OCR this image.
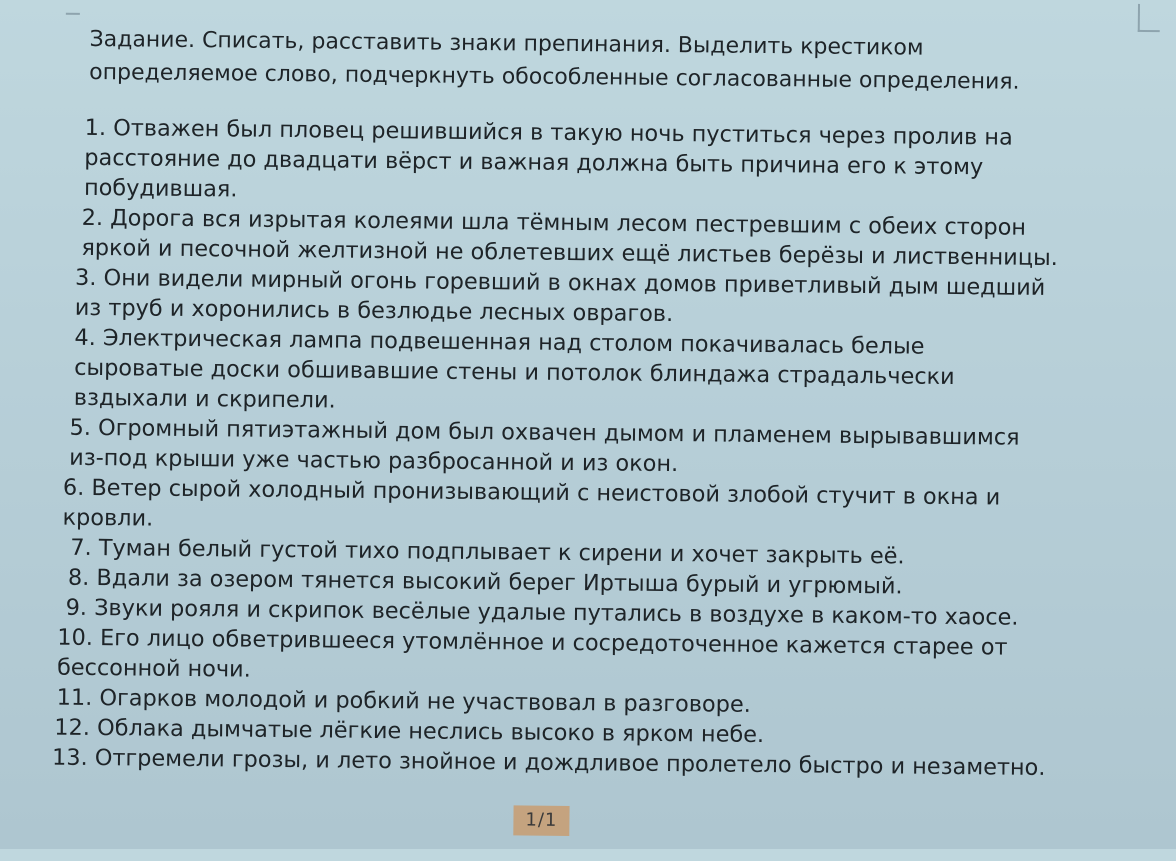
Задание. Списать, расставить знаки препинания. Выделить крестиком
определяемое слово, подчеркнуть обособленные согласованные определения.
1. Отважен был пловец решившийся в такую ночь пуститься через пролив на
расстояние до двадцати вёрст и важная должна быть причина его к этому
побудившая.
2. Дорога вся изрытая колеями шла тёмным лесом пестревшим с обеих сторон
яркой и песочной желтизной не облетевших ещё листьев берёзы и лиственницы.
3. Они видели мирный огонь горевший в окнах домов приветливый дым шедший
из труб и хоронились в безлюдье лесных оврагов.
4. Электрическая лампа подвешенная над столом покачивалась белые
сыроватые доски обшивавшие стены и потолок блиндажа страдальчески
вздыхали и скрипели.
5. Огромный пятиэтажный дом был охвачен дымом и пламенем вырывавшимся
из-под крыши уже частью разбросанной и из окон.
6. Ветер сырой холодный пронизывающий с неистовой злобой стучит в окна и
кровли.
7. Туман белый густой тихо подплывает к сирени и хочет закрыть её.
8. Вдали за озером тянется высокий берег Иртыша бурый и угрюмый.
9. Звуки рояля и скрипок весёлые удалые путались в воздухе в каком-то хаосе.
10. Его лицо обветрившееся утомлённое и сосредоточенное кажется старее от
бессонной ночи.
11. Огарков молодой и робкий не участвовал в разговоре.
12. Облака дымчатые лёгкие неслись высоко в ярком небе.
13. Отгремели грозы, и лето знойное и дождливое пролетело быстро и незаметно.
1/1
